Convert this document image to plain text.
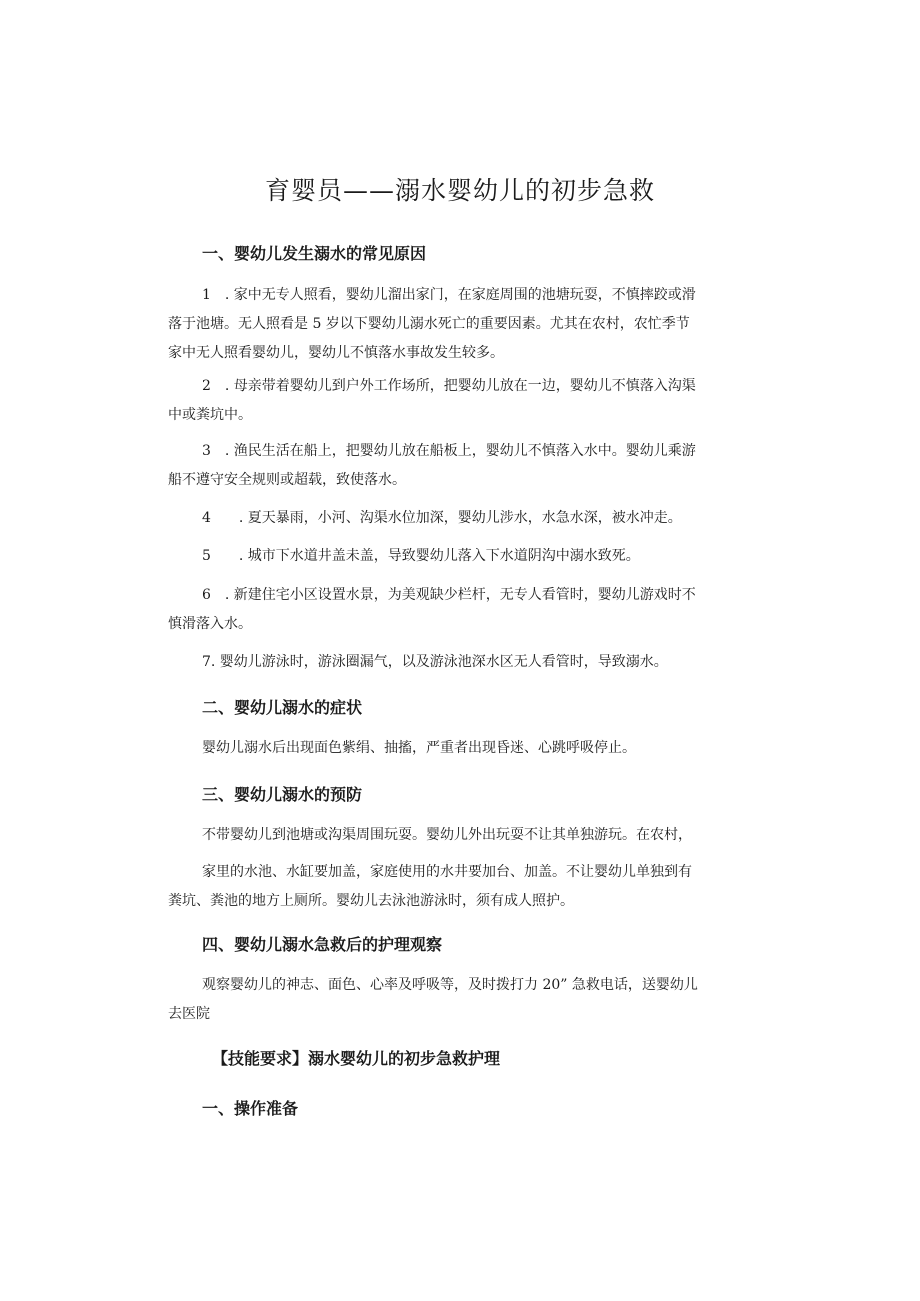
育婴员——溺水婴幼儿的初步急救
一、婴幼儿发生溺水的常见原因

1　. 家中无专人照看，婴幼儿溜出家门，在家庭周围的池塘玩耍，不慎摔跤或滑
落于池塘。无人照看是 5 岁以下婴幼儿溺水死亡的重要因素。尤其在农村，农忙季节
家中无人照看婴幼儿，婴幼儿不慎落水事故发生较多。

2　. 母亲带着婴幼儿到户外工作场所，把婴幼儿放在一边，婴幼儿不慎落入沟渠
中或粪坑中。

3　. 渔民生活在船上，把婴幼儿放在船板上，婴幼儿不慎落入水中。婴幼儿乘游
船不遵守安全规则或超载，致使落水。

4　　. 夏天暴雨，小河、沟渠水位加深，婴幼儿涉水，水急水深，被水冲走。

5　　. 城市下水道井盖未盖，导致婴幼儿落入下水道阴沟中溺水致死。

6　. 新建住宅小区设置水景，为美观缺少栏杆，无专人看管时，婴幼儿游戏时不
慎滑落入水。

7. 婴幼儿游泳时，游泳圈漏气，以及游泳池深水区无人看管时，导致溺水。

二、婴幼儿溺水的症状

婴幼儿溺水后出现面色紫绢、抽搐，严重者出现昏迷、心跳呼吸停止。

三、婴幼儿溺水的预防

不带婴幼儿到池塘或沟渠周围玩耍。婴幼儿外出玩耍不让其单独游玩。在农村，

家里的水池、水缸要加盖，家庭使用的水井要加台、加盖。不让婴幼儿单独到有
粪坑、粪池的地方上厕所。婴幼儿去泳池游泳时，须有成人照护。

四、婴幼儿溺水急救后的护理观察

观察婴幼儿的神志、面色、心率及呼吸等，及时拨打力 20” 急救电话，送婴幼儿
去医院

【技能要求】溺水婴幼儿的初步急救护理
一、操作准备
